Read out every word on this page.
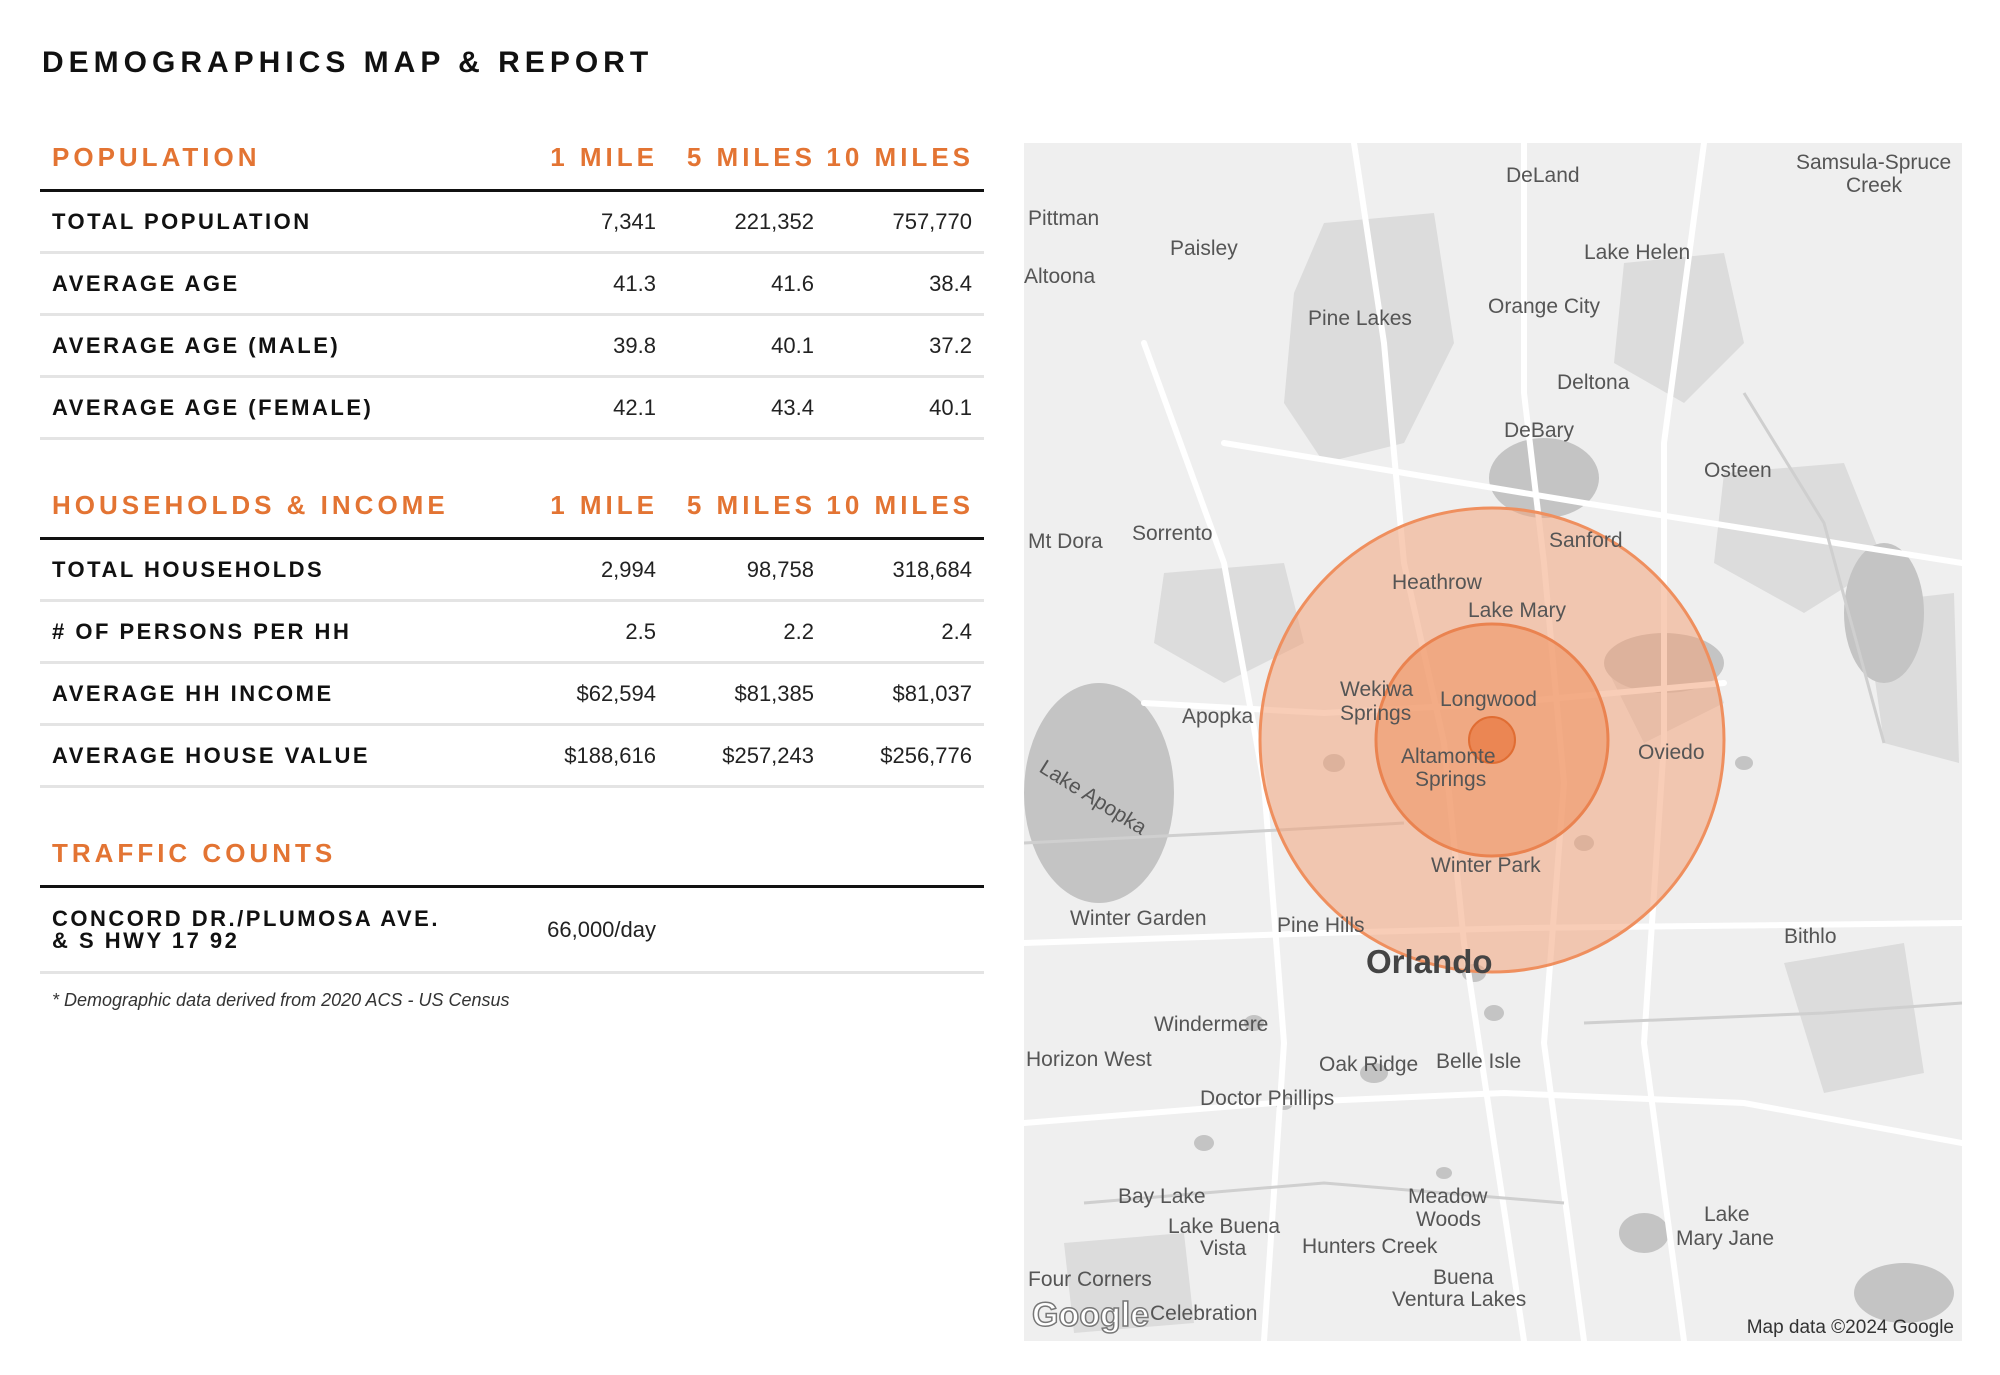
DEMOGRAPHICS MAP & REPORT
POPULATION	1 MILE	5 MILES 10 MILES
TOTAL POPULATION	7,341	221,352	757,770
AVERAGE AGE	41.3	41.6	38.4
AVERAGE AGE (MALE)	39.8	40.1	37.2
AVERAGE AGE (FEMALE)	42.1	43.4	40.1
HOUSEHOLDS & INCOME	1 MILE	5 MILES 10 MILES
TOTAL HOUSEHOLDS	2,994	98,758	318,684
# OF PERSONS PER HH	2.5	2.2	2.4
AVERAGE HH INCOME	$62,594	$81,385	$81,037
AVERAGE HOUSE VALUE	$188,616	$257,243	$256,776
TRAFFIC COUNTS
CONCORD DR./PLUMOSA AVE.
& S HWY 17 92	66,000/day
* Demographic data derived from 2020 ACS - US Census
DeLand
Samsula-Spruce
Creek
Pittman
Paisley	Lake Helen
Altoona
Pine Lakes
Orange City
Deltona
DeBary
Osteen
Mt Dora Sorrento	Sanford
Heathrow
Lake Mary
Wekiwa
Springs
Longwood
Apopka
Altamonte
Springs
Oviedo
Lake Apopka
Winter Park
Winter Garden	Pine Hills
Orlando
Bithlo
Windermere
Horizon West	Oak Ridge Belle Isle
Doctor Phillips
Bay Lake	Meadow
Woods
Lake Buena
Vista	Hunters Creek
Lake
Mary Jane
Four Corners	Buena
Ventura Lakes
Celebration
Google	Map data ©2024 Google
